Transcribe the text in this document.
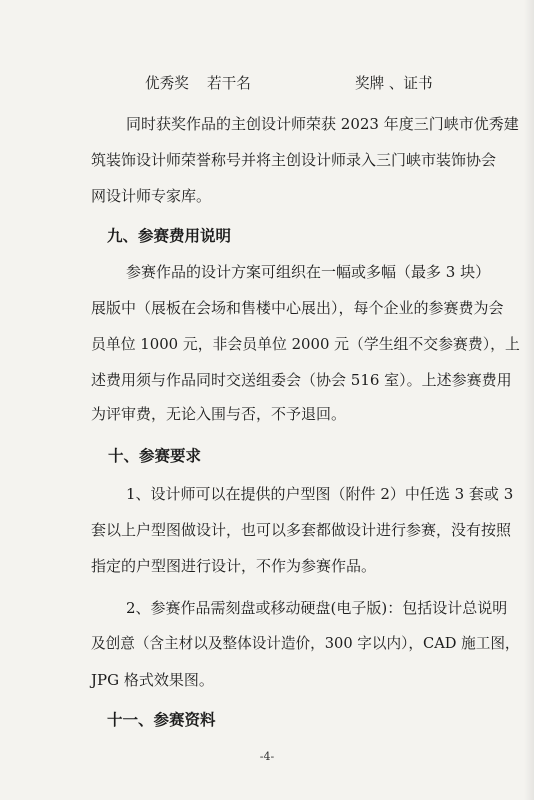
优秀奖 若干名	奖牌 、证书
同时获奖作品的主创设计师荣获 2023 年度三门峡市优秀建
筑装饰设计师荣誉称号并将主创设计师录入三门峡市装饰协会
网设计师专家库。
九、参赛费用说明
参赛作品的设计方案可组织在一幅或多幅（最多 3 块）
展版中（展板在会场和售楼中心展出），每个企业的参赛费为会
员单位 1000 元，非会员单位 2000 元（学生组不交参赛费），上
述费用须与作品同时交送组委会（协会 516 室）。上述参赛费用
为评审费，无论入围与否，不予退回。
十、参赛要求
1、设计师可以在提供的户型图（附件 2）中任选 3 套或 3
套以上户型图做设计，也可以多套都做设计进行参赛，没有按照
指定的户型图进行设计，不作为参赛作品。
2、参赛作品需刻盘或移动硬盘(电子版)：包括设计总说明
及创意（含主材以及整体设计造价，300 字以内），CAD 施工图，
JPG 格式效果图。
十一、参赛资料
-4-
